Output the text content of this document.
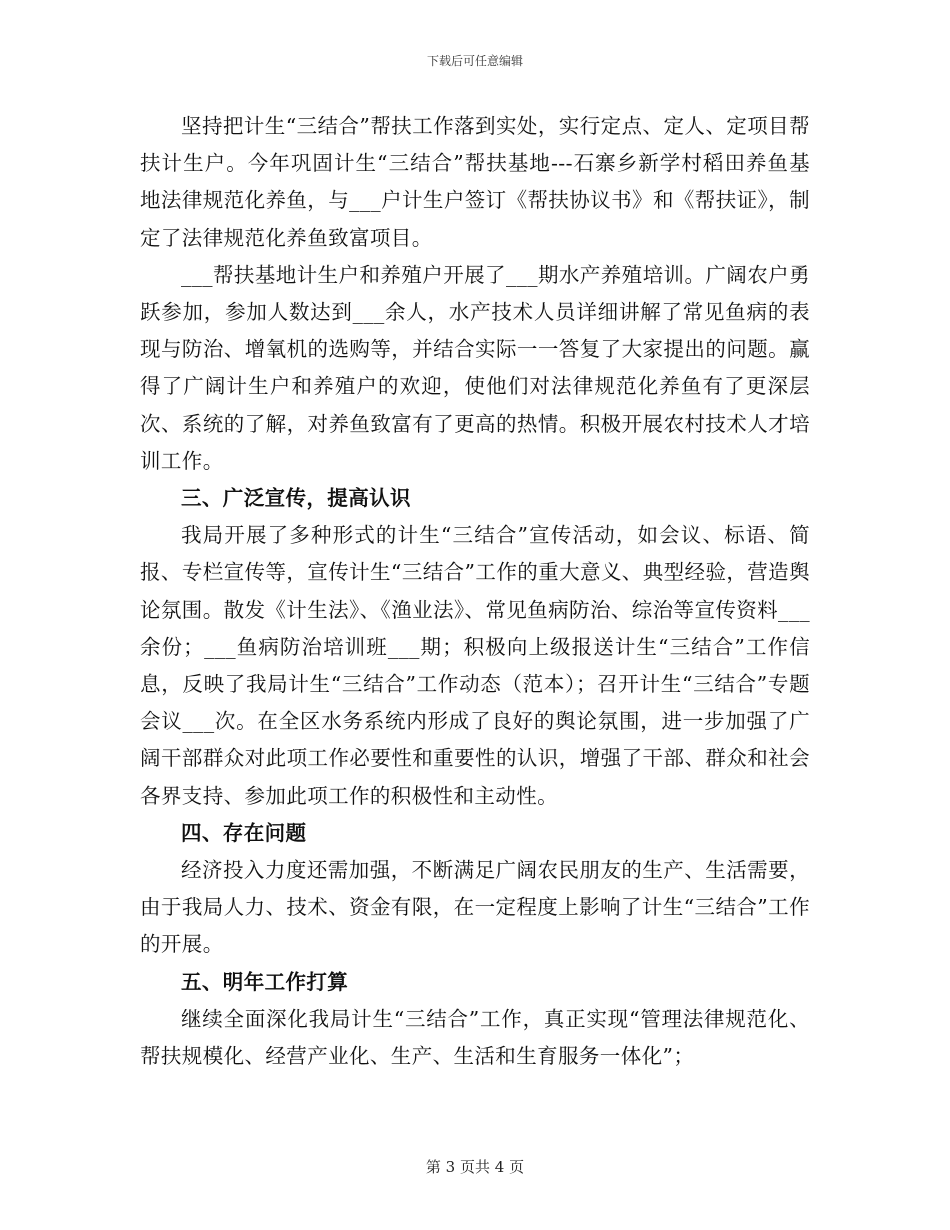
下载后可任意编辑

坚持把计生“三结合”帮扶工作落到实处，实行定点、定人、定项目帮扶计生户。今年巩固计生“三结合”帮扶基地---石寨乡新学村稻田养鱼基地法律规范化养鱼，与___户计生户签订《帮扶协议书》和《帮扶证》，制定了法律规范化养鱼致富项目。

___帮扶基地计生户和养殖户开展了___期水产养殖培训。广阔农户勇跃参加，参加人数达到___余人，水产技术人员详细讲解了常见鱼病的表现与防治、增氧机的选购等，并结合实际一一答复了大家提出的问题。赢得了广阔计生户和养殖户的欢迎，使他们对法律规范化养鱼有了更深层次、系统的了解，对养鱼致富有了更高的热情。积极开展农村技术人才培训工作。

三、广泛宣传，提高认识

我局开展了多种形式的计生“三结合”宣传活动，如会议、标语、简报、专栏宣传等，宣传计生“三结合”工作的重大意义、典型经验，营造舆论氛围。散发《计生法》、《渔业法》、常见鱼病防治、综治等宣传资料___余份；___鱼病防治培训班___期；积极向上级报送计生“三结合”工作信息，反映了我局计生“三结合”工作动态（范本）；召开计生“三结合”专题会议___次。在全区水务系统内形成了良好的舆论氛围，进一步加强了广阔干部群众对此项工作必要性和重要性的认识，增强了干部、群众和社会各界支持、参加此项工作的积极性和主动性。

四、存在问题

经济投入力度还需加强，不断满足广阔农民朋友的生产、生活需要，由于我局人力、技术、资金有限，在一定程度上影响了计生“三结合”工作的开展。

五、明年工作打算

继续全面深化我局计生“三结合”工作，真正实现“管理法律规范化、帮扶规模化、经营产业化、生产、生活和生育服务一体化”；

第 3 页共 4 页
